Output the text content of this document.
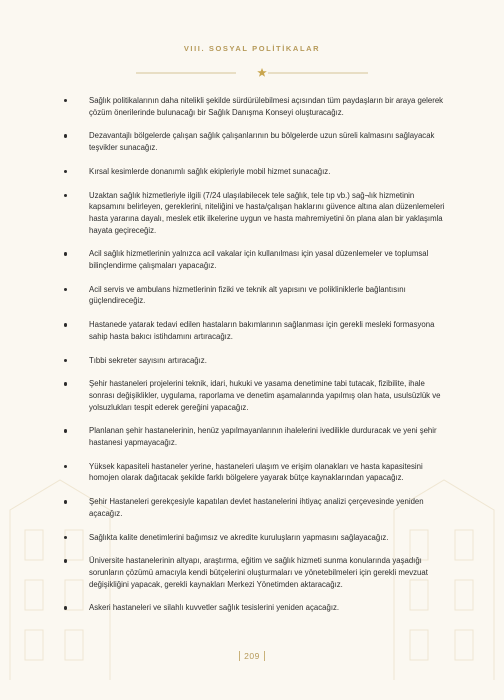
VIII. SOSYAL POLİTİKALAR
Sağlık politikalarının daha nitelikli şekilde sürdürülebilmesi açısından tüm paydaşların bir araya gelerek çözüm önerilerinde bulunacağı bir Sağlık Danışma Konseyi oluşturacağız.
Dezavantajlı bölgelerde çalışan sağlık çalışanlarının bu bölgelerde uzun süreli kalmasını sağlayacak teşvikler sunacağız.
Kırsal kesimlerde donanımlı sağlık ekipleriyle mobil hizmet sunacağız.
Uzaktan sağlık hizmetleriyle ilgili (7/24 ulaşılabilecek tele sağlık, tele tıp vb.) sağ¬lık hizmetinin kapsamını belirleyen, gereklerini, niteliğini ve hasta/çalışan haklarını güvence altına alan düzenlemeleri hasta yararına dayalı, meslek etik ilkelerine uygun ve hasta mahremiyetini ön plana alan bir yaklaşımla hayata geçireceğiz.
Acil sağlık hizmetlerinin yalnızca acil vakalar için kullanılması için yasal düzenlemeler ve toplumsal bilinçlendirme çalışmaları yapacağız.
Acil servis ve ambulans hizmetlerinin fiziki ve teknik alt yapısını ve polikliniklerle bağlantısını güçlendireceğiz.
Hastanede yatarak tedavi edilen hastaların bakımlarının sağlanması için gerekli mesleki formasyona sahip hasta bakıcı istihdamını artıracağız.
Tıbbi sekreter sayısını artıracağız.
Şehir hastaneleri projelerini teknik, idari, hukuki ve yasama denetimine tabi tutacak, fizibilite, ihale sonrası değişiklikler, uygulama, raporlama ve denetim aşamalarında yapılmış olan hata, usulsüzlük ve yolsuzlukları tespit ederek gereğini yapacağız.
Planlanan şehir hastanelerinin, henüz yapılmayanlarının ihalelerini ivedilikle durduracak ve yeni şehir hastanesi yapmayacağız.
Yüksek kapasiteli hastaneler yerine, hastaneleri ulaşım ve erişim olanakları ve hasta kapasitesini homojen olarak dağıtacak şekilde farklı bölgelere yayarak bütçe kaynaklarından yapacağız.
Şehir Hastaneleri gerekçesiyle kapatılan devlet hastanelerini ihtiyaç analizi çerçevesinde yeniden açacağız.
Sağlıkta kalite denetimlerini bağımsız ve akredite kuruluşların yapmasını sağlayacağız.
Üniversite hastanelerinin altyapı, araştırma, eğitim ve sağlık hizmeti sunma konularında yaşadığı sorunların çözümü amacıyla kendi bütçelerini oluşturmaları ve yönetebilmeleri için gerekli mevzuat değişikliğini yapacak, gerekli kaynakları Merkezi Yönetimden aktaracağız.
Askeri hastaneleri ve silahlı kuvvetler sağlık tesislerini yeniden açacağız.
209
